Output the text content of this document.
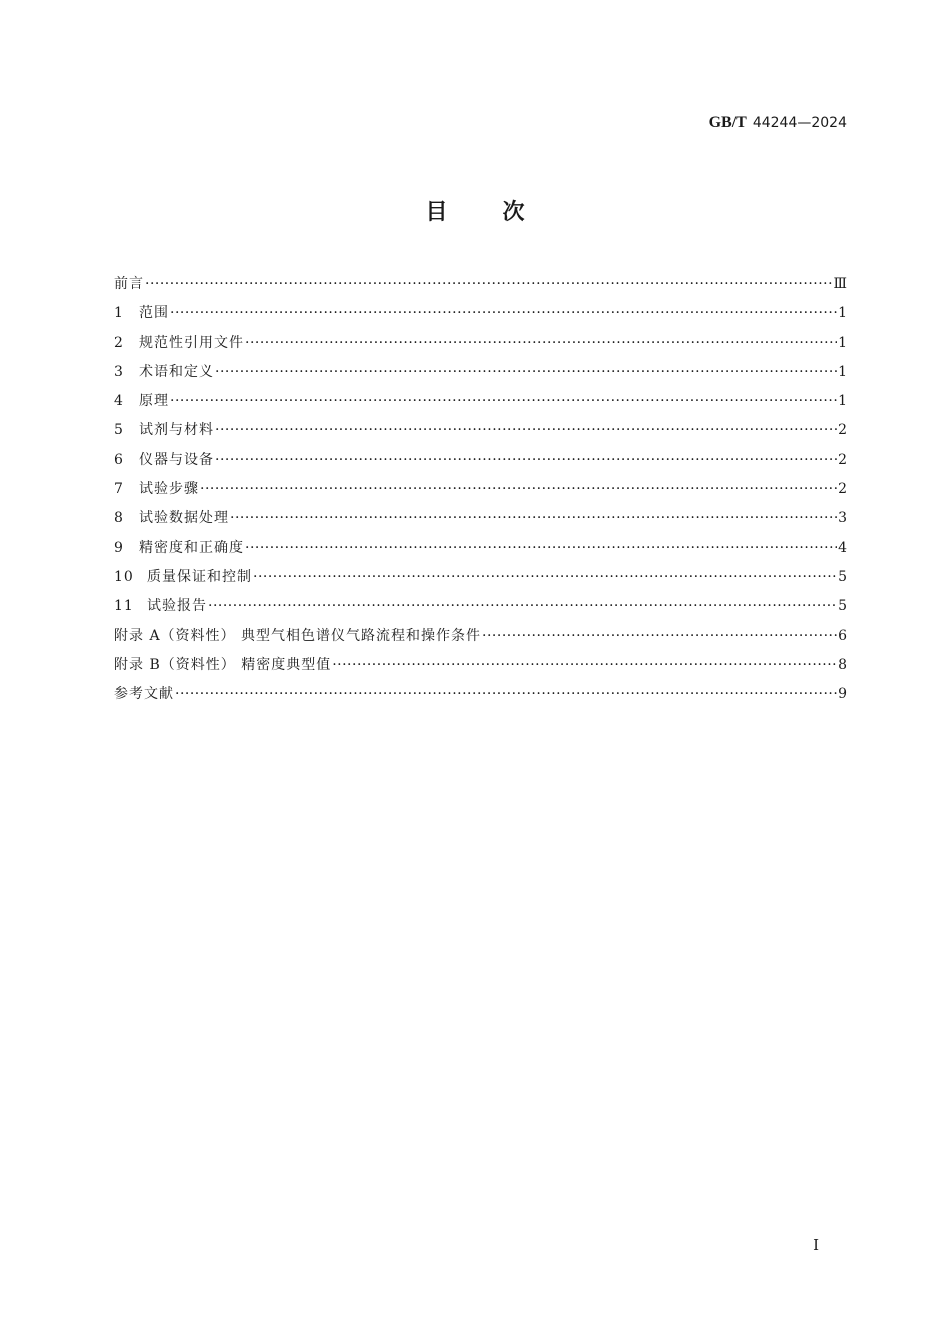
GB/T 44244—2024
目次
前言 ·····	Ⅲ
1	范围 ·····	1
2	规范性引用文件 ·····	1
3	术语和定义 ·····	1
4	原理 ·····	1
5	试剂与材料 ·····	2
6	仪器与设备 ·····	2
7	试验步骤 ·····	2
8	试验数据处理 ·····	3
9	精密度和正确度 ·····	4
10 质量保证和控制 ·····	5
11 试验报告 ·····	5
附录 A（资料性） 典型气相色谱仪气路流程和操作条件 ·····	6
附录 B（资料性） 精密度典型值 ·····	8
参考文献 ·····	9
Ⅰ
